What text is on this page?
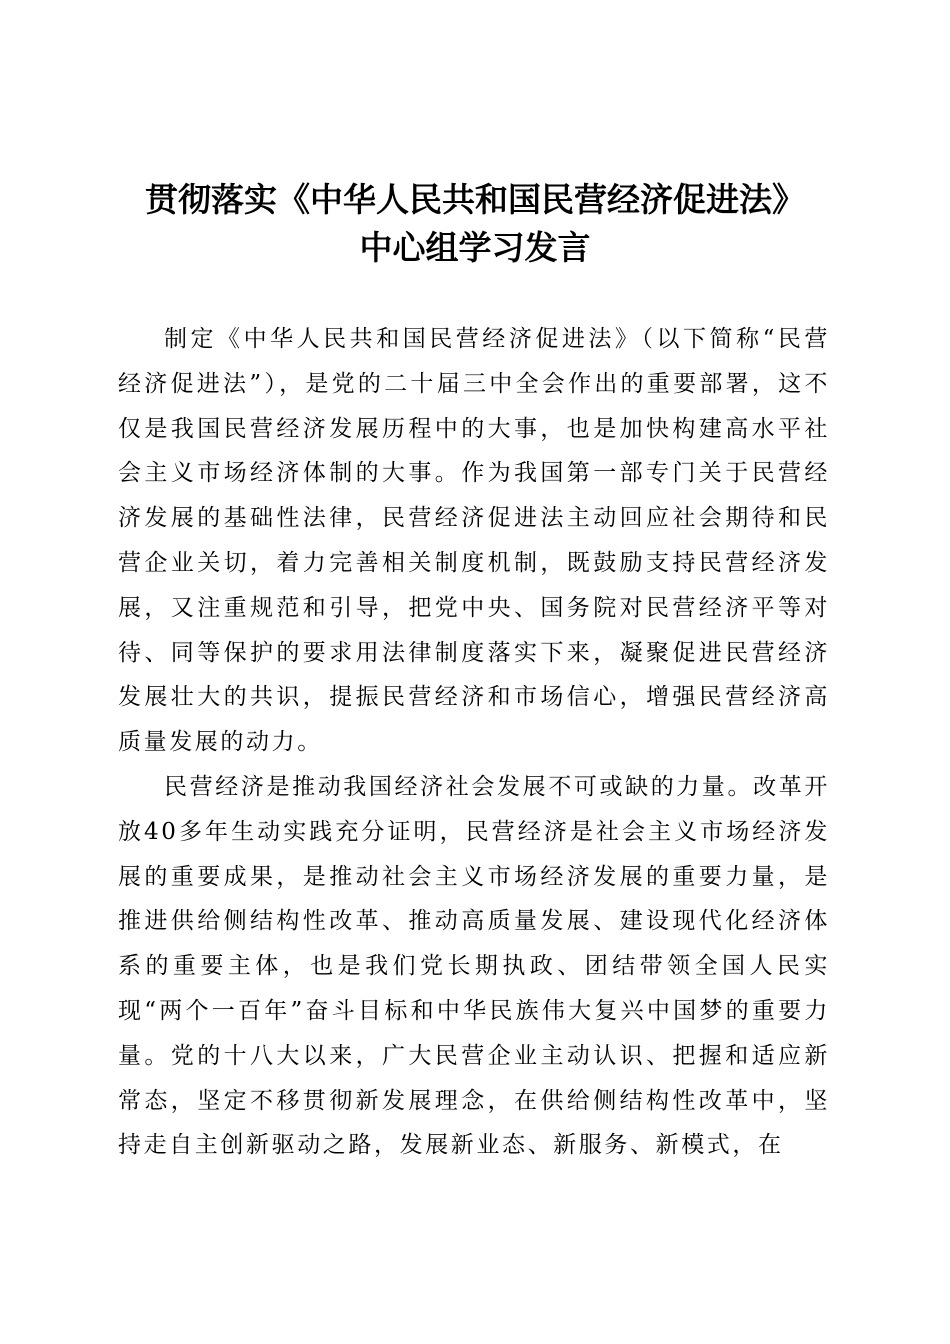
贯彻落实《中华人民共和国民营经济促进法》
中心组学习发言

制定《中华人民共和国民营经济促进法》（以下简称“民营经济促进法”），是党的二十届三中全会作出的重要部署，这不仅是我国民营经济发展历程中的大事，也是加快构建高水平社会主义市场经济体制的大事。作为我国第一部专门关于民营经济发展的基础性法律，民营经济促进法主动回应社会期待和民营企业关切，着力完善相关制度机制，既鼓励支持民营经济发展，又注重规范和引导，把党中央、国务院对民营经济平等对待、同等保护的要求用法律制度落实下来，凝聚促进民营经济发展壮大的共识，提振民营经济和市场信心，增强民营经济高质量发展的动力。

民营经济是推动我国经济社会发展不可或缺的力量。改革开放40多年生动实践充分证明，民营经济是社会主义市场经济发展的重要成果，是推动社会主义市场经济发展的重要力量，是推进供给侧结构性改革、推动高质量发展、建设现代化经济体系的重要主体，也是我们党长期执政、团结带领全国人民实现“两个一百年”奋斗目标和中华民族伟大复兴中国梦的重要力量。党的十八大以来，广大民营企业主动认识、把握和适应新常态，坚定不移贯彻新发展理念，在供给侧结构性改革中，坚持走自主创新驱动之路，发展新业态、新服务、新模式，在
